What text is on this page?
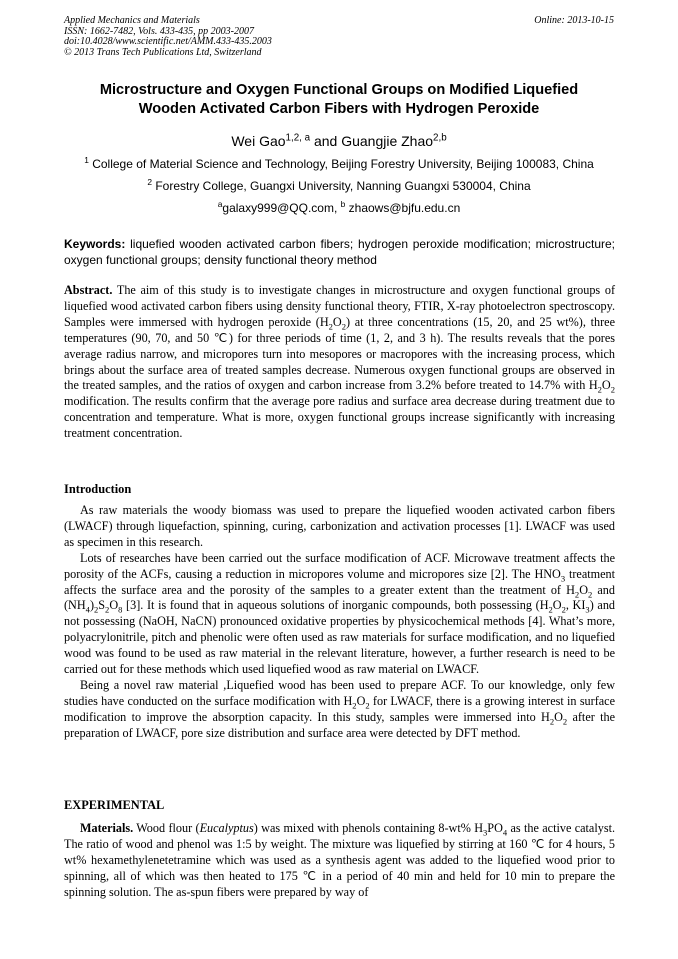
Applied Mechanics and Materials
ISSN: 1662-7482, Vols. 433-435, pp 2003-2007
doi:10.4028/www.scientific.net/AMM.433-435.2003
© 2013 Trans Tech Publications Ltd, Switzerland
Online: 2013-10-15
Microstructure and Oxygen Functional Groups on Modified Liquefied
Wooden Activated Carbon Fibers with Hydrogen Peroxide
Wei Gao$^{1,2, a}$ and Guangjie Zhao$^{2,b}$
$^1$ College of Material Science and Technology, Beijing Forestry University, Beijing 100083, China
$^2$ Forestry College, Guangxi University, Nanning Guangxi 530004, China
$^a$galaxy999@QQ.com, $^b$ zhaows@bjfu.edu.cn
Keywords: liquefied wooden activated carbon fibers; hydrogen peroxide modification; microstructure; oxygen functional groups; density functional theory method

Abstract. The aim of this study is to investigate changes in microstructure and oxygen functional groups of liquefied wood activated carbon fibers using density functional theory, FTIR, X-ray photoelectron spectroscopy. Samples were immersed with hydrogen peroxide $(H_2O_2)$ at three concentrations (15, 20, and 25 wt%), three temperatures (90, 70, and 50 ℃) for three periods of time (1, 2, and 3 h). The results reveals that the pores average radius narrow, and micropores turn into mesopores or macropores with the increasing process, which brings about the surface area of treated samples decrease. Numerous oxygen functional groups are observed in the treated samples, and the ratios of oxygen and carbon increase from 3.2% before treated to 14.7% with $H_2O_2$ modification. The results confirm that the average pore radius and surface area decrease during treatment due to concentration and temperature. What is more, oxygen functional groups increase significantly with increasing treatment concentration.

Introduction

As raw materials the woody biomass was used to prepare the liquefied wooden activated carbon fibers (LWACF) through liquefaction, spinning, curing, carbonization and activation processes [1]. LWACF was used as specimen in this research.

Lots of researches have been carried out the surface modification of ACF. Microwave treatment affects the porosity of the ACFs, causing a reduction in micropores volume and micropores size [2]. The $HNO_3$ treatment affects the surface area and the porosity of the samples to a greater extent than the treatment of $H_2O_2$ and $(NH_4)_2S_2O_8$ [3]. It is found that in aqueous solutions of inorganic compounds, both possessing ($H_2O_2$, $KI_3$) and not possessing (NaOH, NaCN) pronounced oxidative properties by physicochemical methods [4]. What’s more, polyacrylonitrile, pitch and phenolic were often used as raw materials for surface modification, and no liquefied wood was found to be used as raw material in the relevant literature, however, a further research is need to be carried out for these methods which used liquefied wood as raw material on LWACF.

Being a novel raw material ,Liquefied wood has been used to prepare ACF. To our knowledge, only few studies have conducted on the surface modification with $H_2O_2$ for LWACF, there is a growing interest in surface modification to improve the absorption capacity. In this study, samples were immersed into $H_2O_2$ after the preparation of LWACF, pore size distribution and surface area were detected by DFT method.

EXPERIMENTAL

Materials. Wood flour (Eucalyptus) was mixed with phenols containing 8-wt% $H_3PO_4$ as the active catalyst. The ratio of wood and phenol was 1:5 by weight. The mixture was liquefied by stirring at 160 ℃ for 4 hours, 5 wt% hexamethylenetetramine which was used as a synthesis agent was added to the liquefied wood prior to spinning, all of which was then heated to 175 ℃ in a period of 40 min and held for 10 min to prepare the spinning solution. The as-spun fibers were prepared by way of
